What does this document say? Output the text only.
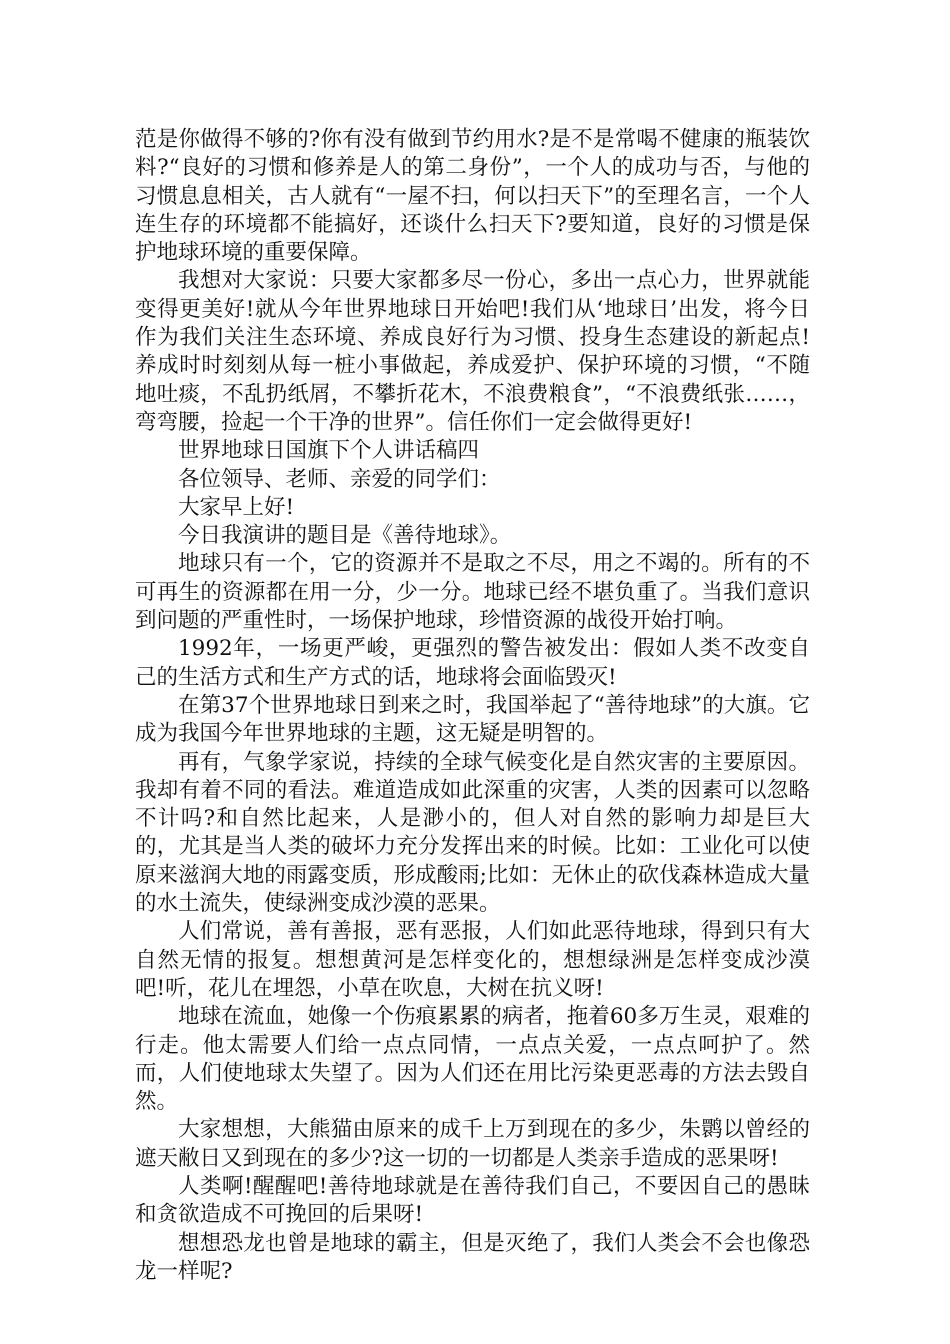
范是你做得不够的?你有没有做到节约用水?是不是常喝不健康的瓶装饮料?“良好的习惯和修养是人的第二身份”，一个人的成功与否，与他的习惯息息相关，古人就有“一屋不扫，何以扫天下”的至理名言，一个人连生存的环境都不能搞好，还谈什么扫天下?要知道，良好的习惯是保护地球环境的重要保障。

我想对大家说：只要大家都多尽一份心，多出一点心力，世界就能变得更美好!就从今年世界地球日开始吧!我们从‘地球日’出发，将今日作为我们关注生态环境、养成良好行为习惯、投身生态建设的新起点!养成时时刻刻从每一桩小事做起，养成爱护、保护环境的习惯，“不随地吐痰，不乱扔纸屑，不攀折花木，不浪费粮食”，“不浪费纸张……，弯弯腰，捡起一个干净的世界”。信任你们一定会做得更好!

世界地球日国旗下个人讲话稿四

各位领导、老师、亲爱的同学们：

大家早上好!

今日我演讲的题目是《善待地球》。

地球只有一个，它的资源并不是取之不尽，用之不竭的。所有的不可再生的资源都在用一分，少一分。地球已经不堪负重了。当我们意识到问题的严重性时，一场保护地球，珍惜资源的战役开始打响。

1992年，一场更严峻，更强烈的警告被发出：假如人类不改变自己的生活方式和生产方式的话，地球将会面临毁灭!

在第37个世界地球日到来之时，我国举起了“善待地球”的大旗。它成为我国今年世界地球的主题，这无疑是明智的。

再有，气象学家说，持续的全球气候变化是自然灾害的主要原因。我却有着不同的看法。难道造成如此深重的灾害，人类的因素可以忽略不计吗?和自然比起来，人是渺小的，但人对自然的影响力却是巨大的，尤其是当人类的破坏力充分发挥出来的时候。比如：工业化可以使原来滋润大地的雨露变质，形成酸雨;比如：无休止的砍伐森林造成大量的水土流失，使绿洲变成沙漠的恶果。

人们常说，善有善报，恶有恶报，人们如此恶待地球，得到只有大自然无情的报复。想想黄河是怎样变化的，想想绿洲是怎样变成沙漠吧!听，花儿在埋怨，小草在吹息，大树在抗义呀!

地球在流血，她像一个伤痕累累的病者，拖着60多万生灵，艰难的行走。他太需要人们给一点点同情，一点点关爱，一点点呵护了。然而，人们使地球太失望了。因为人们还在用比污染更恶毒的方法去毁自然。

大家想想，大熊猫由原来的成千上万到现在的多少，朱鹮以曾经的遮天敝日又到现在的多少?这一切的一切都是人类亲手造成的恶果呀!

人类啊!醒醒吧!善待地球就是在善待我们自己，不要因自己的愚昧和贪欲造成不可挽回的后果呀!

想想恐龙也曾是地球的霸主，但是灭绝了，我们人类会不会也像恐龙一样呢?
